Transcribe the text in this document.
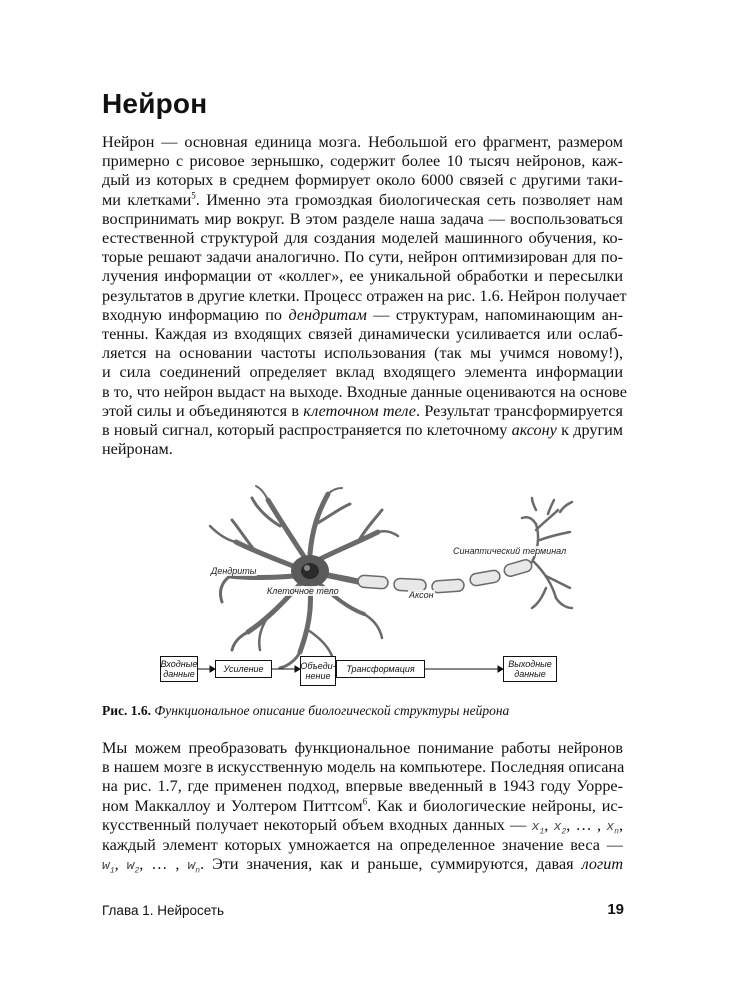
Нейрон
Нейрон — основная единица мозга. Небольшой его фрагмент, размером
примерно с рисовое зернышко, содержит более 10 тысяч нейронов, каж-
дый из которых в среднем формирует около 6000 связей с другими таки-
ми клетками$^5$. Именно эта громоздкая биологическая сеть позволяет нам
воспринимать мир вокруг. В этом разделе наша задача — воспользоваться
естественной структурой для создания моделей машинного обучения, ко-
торые решают задачи аналогично. По сути, нейрон оптимизирован для по-
лучения информации от «коллег», ее уникальной обработки и пересылки
результатов в другие клетки. Процесс отражен на рис. 1.6. Нейрон получает
входную информацию по дендритам — структурам, напоминающим ан-
тенны. Каждая из входящих связей динамически усиливается или ослаб-
ляется на основании частоты использования (так мы учимся новому!),
и сила соединений определяет вклад входящего элемента информации
в то, что нейрон выдаст на выходе. Входные данные оцениваются на основе
этой силы и объединяются в клеточном теле. Результат трансформируется
в новый сигнал, который распространяется по клеточному аксону к другим
нейронам.
Дендриты
Клеточное тело	Аксон
Синаптический терминал
Входные данные	Усиление	Объеди-нение
Трансформация	Выходные данные

Рис. 1.6. Функциональное описание биологической структуры нейрона

Мы можем преобразовать функциональное понимание работы нейронов
в нашем мозге в искусственную модель на компьютере. Последняя описана
на рис. 1.7, где применен подход, впервые введенный в 1943 году Уорре-
ном Маккаллоу и Уолтером Питтсом$^6$. Как и биологические нейроны, ис-
кусственный получает некоторый объем входных данных — $x_1$, $x_2$, … , $x_n$,
каждый элемент которых умножается на определенное значение веса —
$w_1$, $w_2$, … , $w_n$. Эти значения, как и раньше, суммируются, давая логит
Глава 1. Нейросеть	19
